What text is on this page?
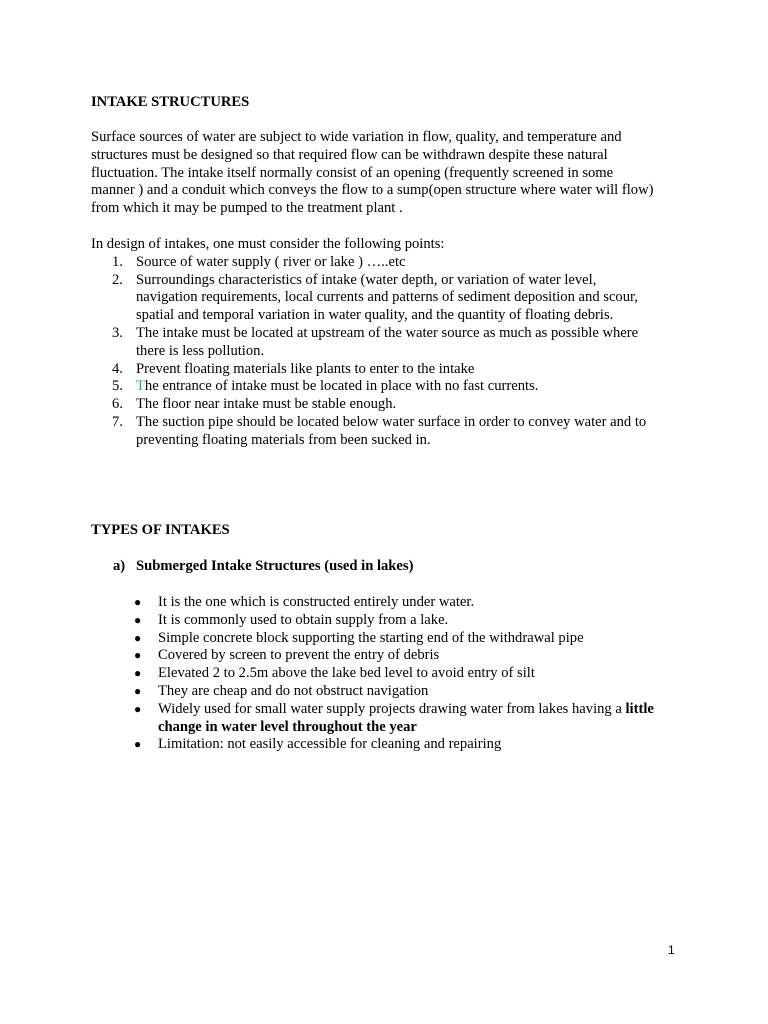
INTAKE STRUCTURES

Surface sources of water are subject to wide variation in flow, quality, and temperature and
structures must be designed so that required flow can be withdrawn despite these natural
fluctuation. The intake itself normally consist of an opening (frequently screened in some
manner ) and a conduit which conveys the flow to a sump(open structure where water will flow)
from which it may be pumped to the treatment plant .

In design of intakes, one must consider the following points:
1. Source of water supply ( river or lake ) …..etc
2. Surroundings characteristics of intake (water depth, or variation of water level,
navigation requirements, local currents and patterns of sediment deposition and scour,
spatial and temporal variation in water quality, and the quantity of floating debris.
3. The intake must be located at upstream of the water source as much as possible where
there is less pollution.
4. Prevent floating materials like plants to enter to the intake
5. The entrance of intake must be located in place with no fast currents.
6. The floor near intake must be stable enough.
7. The suction pipe should be located below water surface in order to convey water and to
preventing floating materials from been sucked in.
TYPES OF INTAKES
a) Submerged Intake Structures (used in lakes)
● It is the one which is constructed entirely under water.
● It is commonly used to obtain supply from a lake.
● Simple concrete block supporting the starting end of the withdrawal pipe
● Covered by screen to prevent the entry of debris
● Elevated 2 to 2.5m above the lake bed level to avoid entry of silt
● They are cheap and do not obstruct navigation
● Widely used for small water supply projects drawing water from lakes having a little
change in water level throughout the year
● Limitation: not easily accessible for cleaning and repairing
1
